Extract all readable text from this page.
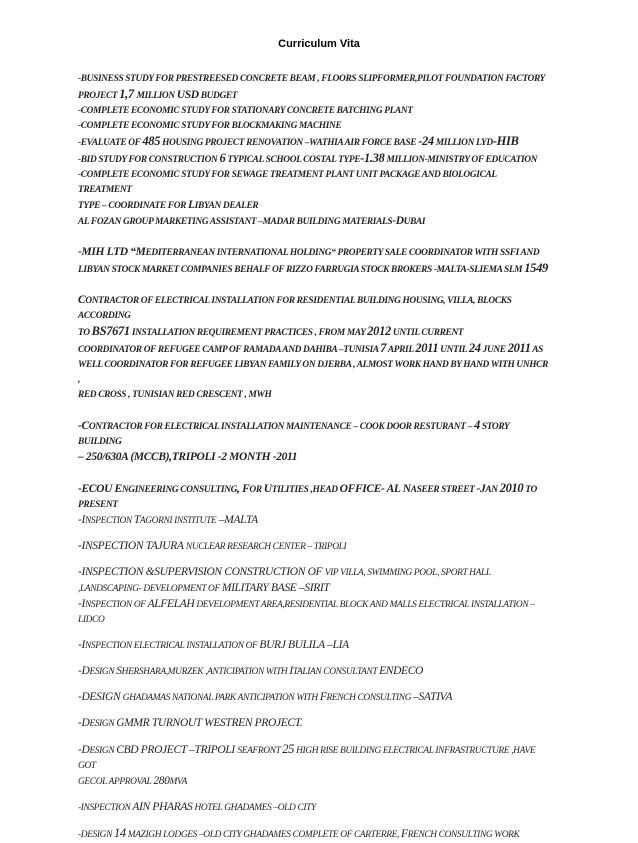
Curriculum Vita

-BUSINESS STUDY FOR PRESTREESED CONCRETE BEAM , FLOORS SLIPFORMER,PILOT FOUNDATION FACTORY

PROJECT 1,7 MILLION USD BUDGET

-COMPLETE ECONOMIC STUDY FOR STATIONARY CONCRETE BATCHING PLANT

-COMPLETE ECONOMIC STUDY FOR BLOCKMAKING MACHINE

-EVALUATE OF 485 HOUSING PROJECT RENOVATION –WATHIA AIR FORCE BASE -24 MILLION LYD-HIB

-BID STUDY FOR CONSTRUCTION 6 TYPICAL SCHOOL COSTAL TYPE-1.38 MILLION-MINISTRY OF EDUCATION

-COMPLETE ECONOMIC STUDY FOR SEWAGE TREATMENT PLANT UNIT PACKAGE AND BIOLOGICAL TREATMENT

TYPE – COORDINATE FOR LIBYAN DEALER

AL FOZAN GROUP MARKETING ASSISTANT –MADAR BUILDING MATERIALS-DUBAI

-MIH LTD “MEDITERRANEAN INTERNATIONAL HOLDING“ PROPERTY SALE COORDINATOR WITH SSFI AND

LIBYAN STOCK MARKET COMPANIES BEHALF OF RIZZO FARRUGIA STOCK BROKERS -MALTA-SLIEMA SLM 1549

CONTRACTOR OF ELECTRICAL INSTALLATION FOR RESIDENTIAL BUILDING HOUSING, VILLA, BLOCKS ACCORDING

TO BS7671 INSTALLATION REQUIREMENT PRACTICES , FROM MAY 2012 UNTIL CURRENT

COORDINATOR OF REFUGEE CAMP OF RAMADA AND DAHIBA –TUNISIA 7 APRIL 2011 UNTIL 24 JUNE 2011 AS

WELL COORDINATOR FOR REFUGEE LIBYAN FAMILY ON DJERBA , ALMOST WORK HAND BY HAND WITH UNHCR ,

RED CROSS , TUNISIAN RED CRESCENT , MWH

-CONTRACTOR FOR ELECTRICAL INSTALLATION MAINTENANCE – COOK DOOR RESTURANT – 4 STORY BUILDING

– 250/630A (MCCB),TRIPOLI -2 MONTH -2011

-ECOU ENGINEERING CONSULTING, FOR UTILITIES ,HEAD OFFICE- AL NASEER STREET -JAN 2010 TO

PRESENT

-INSPECTION TAGORNI INSTITUTE –MALTA

-INSPECTION TAJURA NUCLEAR RESEARCH CENTER – TRIPOLI

-INSPECTION &SUPERVISION CONSTRUCTION OF VIP VILLA, SWIMMING POOL, SPORT HALL

,LANDSCAPING- DEVELOPMENT OF MILITARY BASE –SIRIT

-INSPECTION OF ALFELAH DEVELOPMENT AREA,RESIDENTIAL BLOCK AND MALLS ELECTRICAL INSTALLATION –

LIDCO

-INSPECTION ELECTRICAL INSTALLATION OF BURJ BULILA –LIA

-DESIGN SHERSHARA,MURZEK ,ANTICIPATION WITH ITALIAN CONSULTANT ENDECO

-DESIGN GHADAMAS NATIONAL PARK ANTICIPATION WITH FRENCH CONSULTING –SATIVA

-DESIGN GMMR TURNOUT WESTREN PROJECT.

-DESIGN CBD PROJECT –TRIPOLI SEAFRONT 25 HIGH RISE BUILDING ELECTRICAL INFRASTRUCTURE ,HAVE GOT

GECOL APPROVAL 280MVA

-INSPECTION AIN PHARAS HOTEL GHADAMES –OLD CITY

-DESIGN 14 MAZIGH LODGES –OLD CITY GHADAMES COMPLETE OF CARTERRE, FRENCH CONSULTING WORK
